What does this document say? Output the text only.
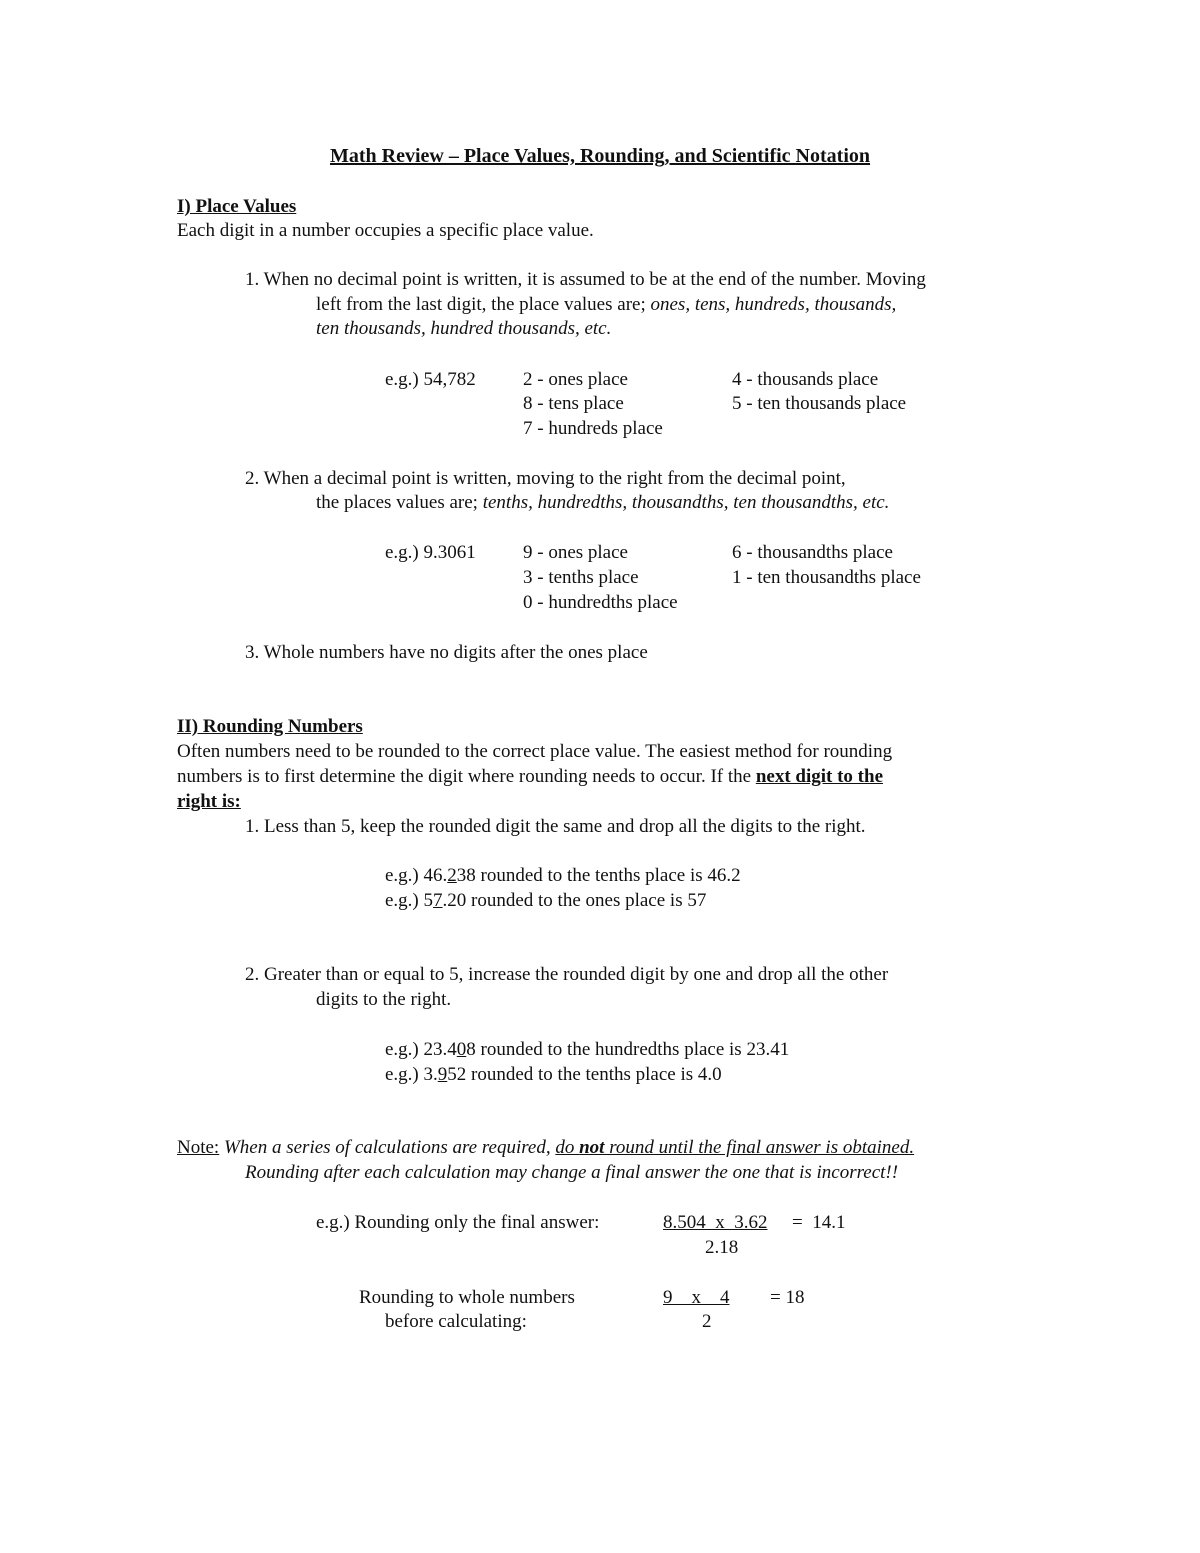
Math Review – Place Values, Rounding, and Scientific Notation
I) Place Values
Each digit in a number occupies a specific place value.
1. When no decimal point is written, it is assumed to be at the end of the number. Moving
left from the last digit, the place values are; ones, tens, hundreds, thousands,
ten thousands, hundred thousands, etc.
e.g.) 54,782 2 - ones place
8 - tens place
7 - hundreds place
4 - thousands place
5 - ten thousands place
2. When a decimal point is written, moving to the right from the decimal point,
the places values are; tenths, hundredths, thousandths, ten thousandths, etc.
e.g.) 9.3061 9 - ones place
3 - tenths place
0 - hundredths place
6 - thousandths place
1 - ten thousandths place
3. Whole numbers have no digits after the ones place
II) Rounding Numbers
Often numbers need to be rounded to the correct place value. The easiest method for rounding
numbers is to first determine the digit where rounding needs to occur. If the next digit to the
right is:
1. Less than 5, keep the rounded digit the same and drop all the digits to the right.
e.g.) 46.238 rounded to the tenths place is 46.2
e.g.) 57.20 rounded to the ones place is 57
2. Greater than or equal to 5, increase the rounded digit by one and drop all the other
digits to the right.
e.g.) 23.408 rounded to the hundredths place is 23.41
e.g.) 3.952 rounded to the tenths place is 4.0
Note: When a series of calculations are required, do not round until the final answer is obtained.
Rounding after each calculation may change a final answer the one that is incorrect!!
e.g.) Rounding only the final answer:	8.504  x  3.62 =  14.1
2.18
Rounding to whole numbers
before calculating:
9    x    4 = 18
2
